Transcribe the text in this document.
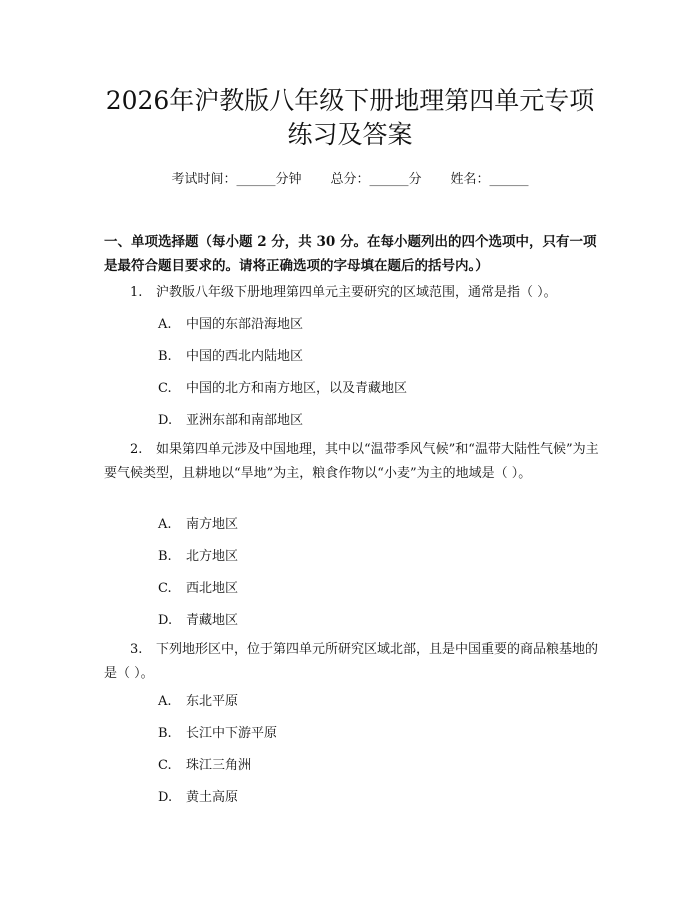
2026年沪教版八年级下册地理第四单元专项
练习及答案
考试时间：______分钟 总分：______分 姓名：______
一、单项选择题（每小题 2 分，共 30 分。在每小题列出的四个选项中，只有一项是最符合题目要求的。请将正确选项的字母填在题后的括号内。）
1. 沪教版八年级下册地理第四单元主要研究的区域范围，通常是指（ ）。
A. 中国的东部沿海地区
B. 中国的西北内陆地区
C. 中国的北方和南方地区，以及青藏地区
D. 亚洲东部和南部地区
2. 如果第四单元涉及中国地理，其中以“温带季风气候”和“温带大陆性气候”为主要气候类型，且耕地以“旱地”为主，粮食作物以“小麦”为主的地域是（ ）。
A. 南方地区
B. 北方地区
C. 西北地区
D. 青藏地区
3. 下列地形区中，位于第四单元所研究区域北部，且是中国重要的商品粮基地的是（ ）。
A. 东北平原
B. 长江中下游平原
C. 珠江三角洲
D. 黄土高原
